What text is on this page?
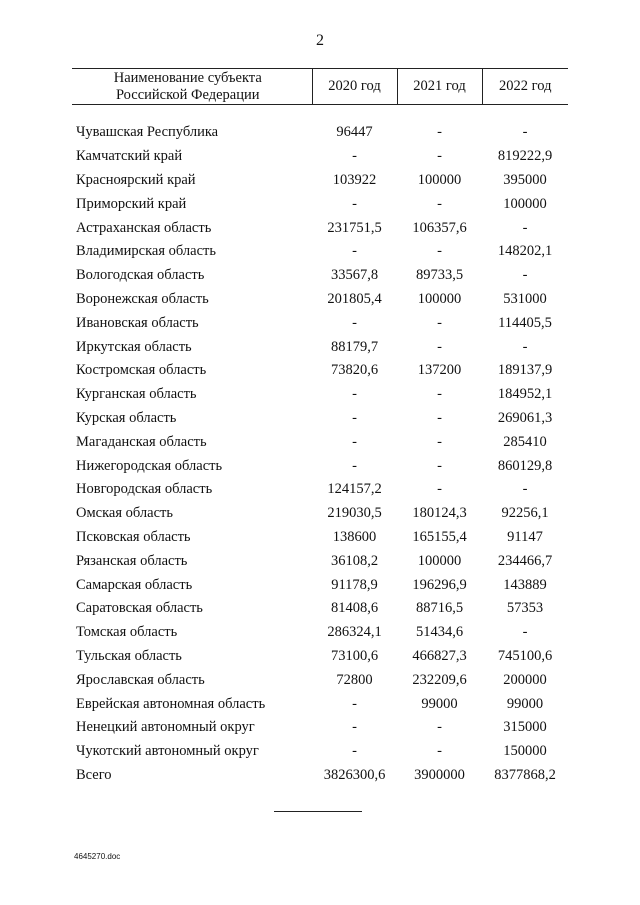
2
Наименование субъекта
Российской Федерации	2020 год	2021 год	2022 год

Чувашская Республика	96447	-	-
Камчатский край	-	-	819222,9
Красноярский край	103922	100000	395000
Приморский край	-	-	100000
Астраханская область	231751,5	106357,6	-
Владимирская область	-	-	148202,1
Вологодская область	33567,8	89733,5	-
Воронежская область	201805,4	100000	531000
Ивановская область	-	-	114405,5
Иркутская область	88179,7	-	-
Костромская область	73820,6	137200	189137,9
Курганская область	-	-	184952,1
Курская область	-	-	269061,3
Магаданская область	-	-	285410
Нижегородская область	-	-	860129,8
Новгородская область	124157,2	-	-
Омская область	219030,5	180124,3	92256,1
Псковская область	138600	165155,4	91147
Рязанская область	36108,2	100000	234466,7
Самарская область	91178,9	196296,9	143889
Саратовская область	81408,6	88716,5	57353
Томская область	286324,1	51434,6	-
Тульская область	73100,6	466827,3	745100,6
Ярославская область	72800	232209,6	200000
Еврейская автономная область	-	99000	99000
Ненецкий автономный округ	-	-	315000
Чукотский автономный округ	-	-	150000
Всего	3826300,6	3900000	8377868,2
4645270.doc
